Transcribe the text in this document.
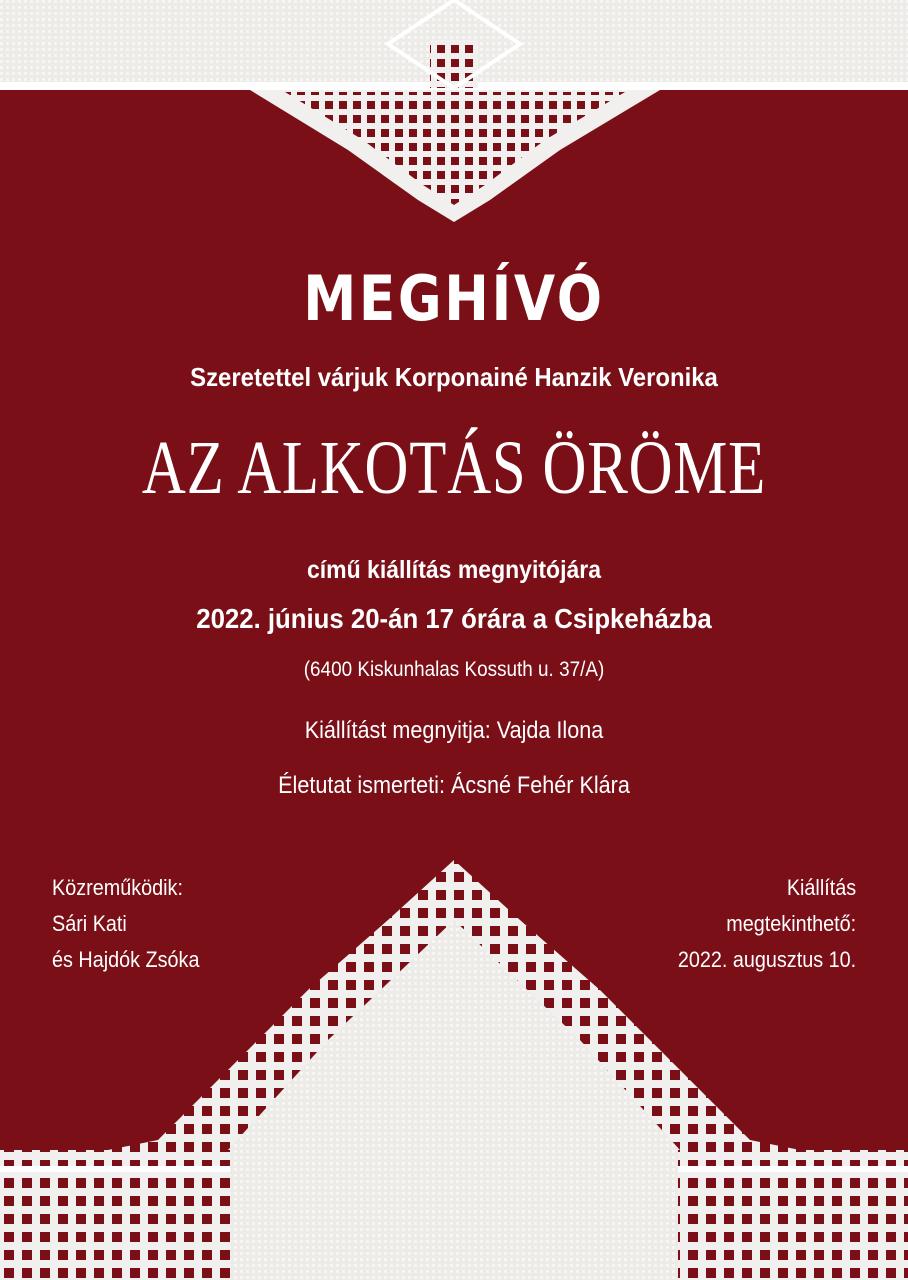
MEGHÍVÓ
Szeretettel várjuk Korponainé Hanzik Veronika
AZ ALKOTÁS ÖRÖME
című kiállítás megnyitójára
2022. június 20-án 17 órára a Csipkeházba
(6400 Kiskunhalas Kossuth u. 37/A)
Kiállítást megnyitja: Vajda Ilona
Életutat ismerteti: Ácsné Fehér Klára
Közreműködik:
Sári Kati
és Hajdók Zsóka
Kiállítás
megtekinthető:
2022. augusztus 10.
